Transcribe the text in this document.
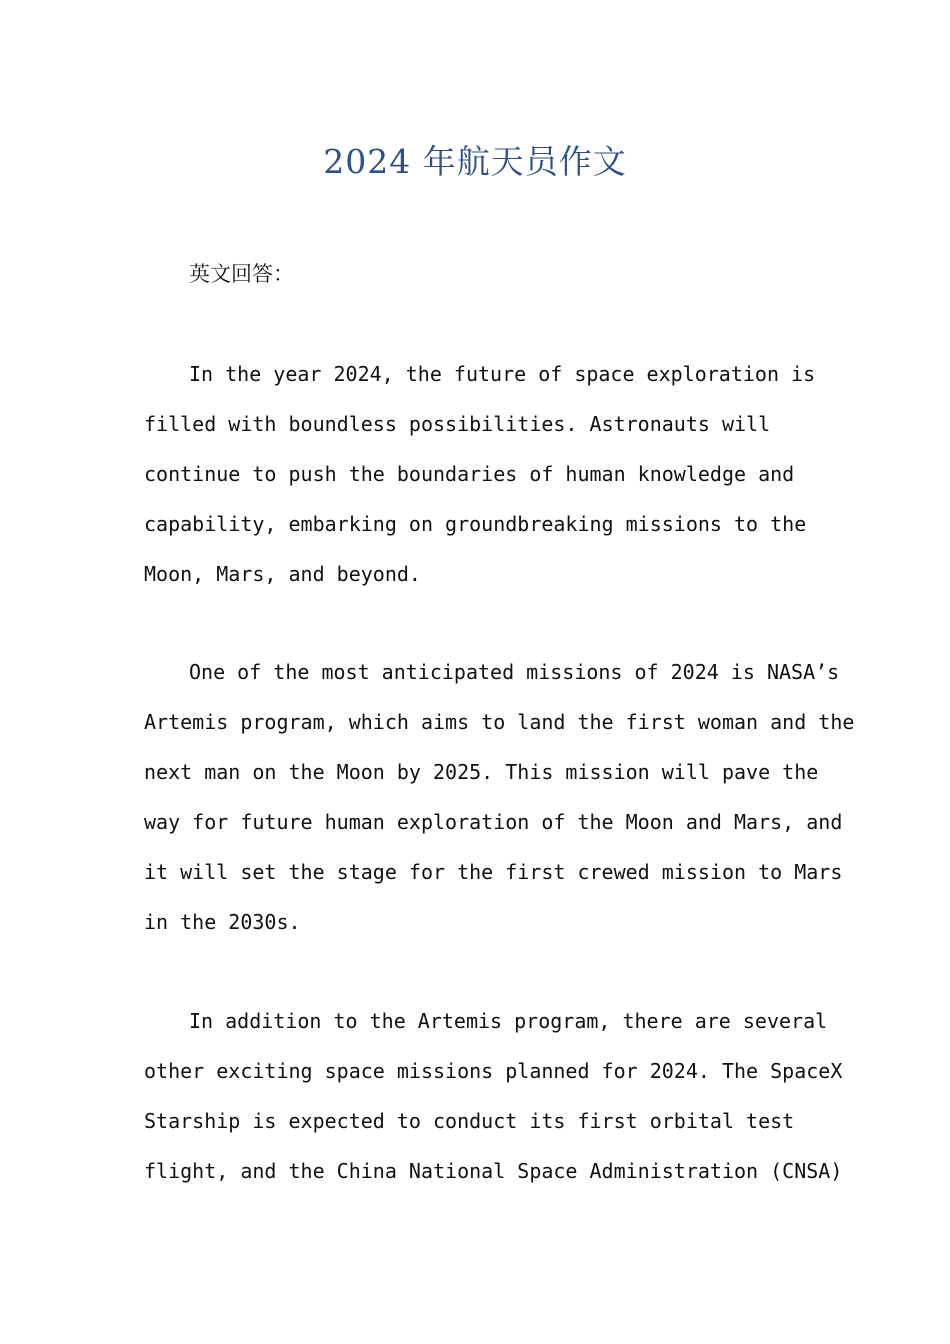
2024 年航天员作文
英文回答：
In the year 2024, the future of space exploration is
filled with boundless possibilities. Astronauts will
continue to push the boundaries of human knowledge and
capability, embarking on groundbreaking missions to the
Moon, Mars, and beyond.
One of the most anticipated missions of 2024 is NASA’s
Artemis program, which aims to land the first woman and the
next man on the Moon by 2025. This mission will pave the
way for future human exploration of the Moon and Mars, and
it will set the stage for the first crewed mission to Mars
in the 2030s.
In addition to the Artemis program, there are several
other exciting space missions planned for 2024. The SpaceX
Starship is expected to conduct its first orbital test
flight, and the China National Space Administration (CNSA)
